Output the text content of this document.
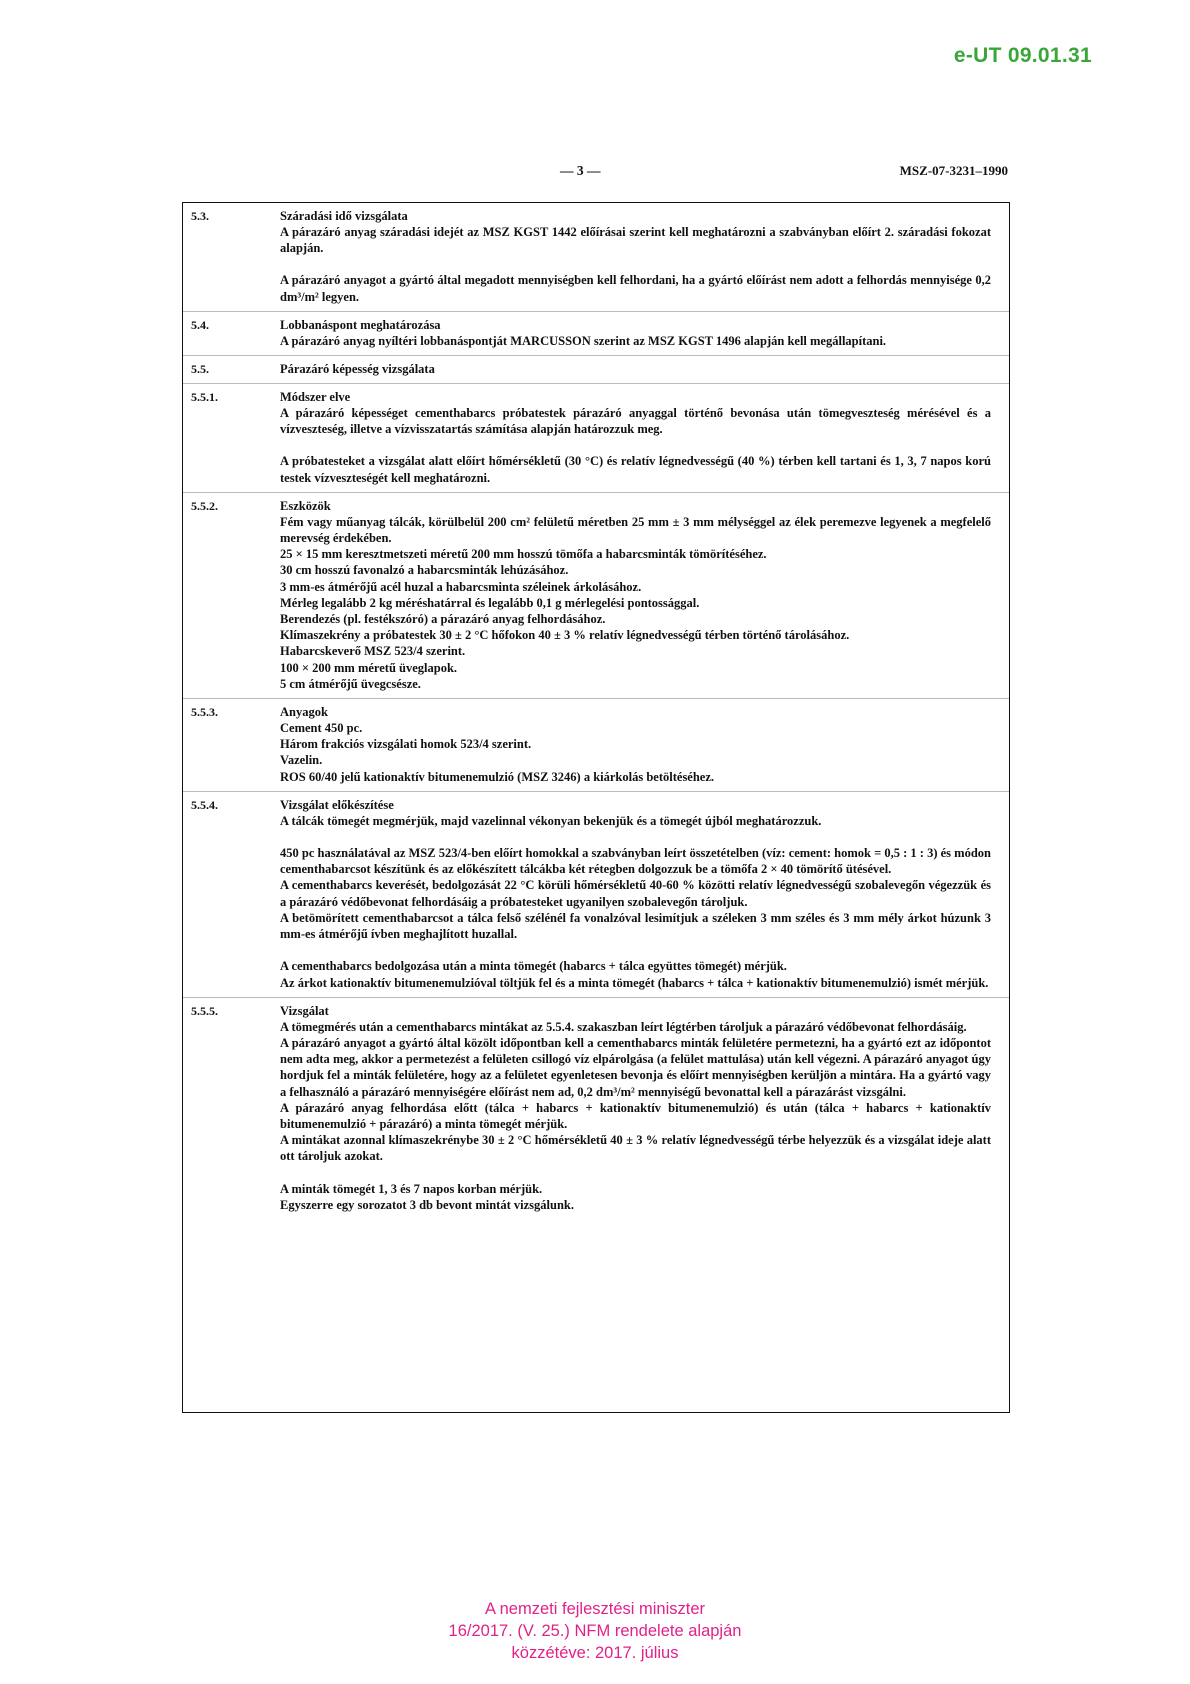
e-UT 09.01.31
— 3 —	MSZ-07-3231–1990
5.3.	Száradási idő vizsgálata

A párazáró anyag száradási idejét az MSZ KGST 1442 előírásai szerint kell meghatározni a szabványban előírt 2. száradási fokozat alapján.

A párazáró anyagot a gyártó által megadott mennyiségben kell felhordani, ha a gyártó előírást nem adott a felhordás mennyisége 0,2 dm³/m² legyen.

5.4.	Lobbanáspont meghatározása

A párazáró anyag nyíltéri lobbanáspontját MARCUSSON szerint az MSZ KGST 1496 alapján kell megállapítani.

5.5.	Párazáró képesség vizsgálata
5.5.1.	Módszer elve

A párazáró képességet cementhabarcs próbatestek párazáró anyaggal történő bevonása után tömegveszteség mérésével és a vízveszteség, illetve a vízvisszatartás számítása alapján határozzuk meg.

A próbatesteket a vizsgálat alatt előírt hőmérsékletű (30 °C) és relatív légnedvességű (40 %) térben kell tartani és 1, 3, 7 napos korú testek vízveszteségét kell meghatározni.

5.5.2.	Eszközök

Fém vagy műanyag tálcák, körülbelül 200 cm² felületű méretben 25 mm ± 3 mm mélységgel az élek peremezve legyenek a megfelelő merevség érdekében.

25 × 15 mm keresztmetszeti méretű 200 mm hosszú tömőfa a habarcsminták tömörítéséhez.
30 cm hosszú favonalzó a habarcsminták lehúzásához.
3 mm-es átmérőjű acél huzal a habarcsminta széleinek árkolásához.
Mérleg legalább 2 kg méréshatárral és legalább 0,1 g mérlegelési pontossággal.
Berendezés (pl. festékszóró) a párazáró anyag felhordásához.
Klímaszekrény a próbatestek 30 ± 2 °C hőfokon 40 ± 3 % relatív légnedvességű térben történő tárolásához.
Habarcskeverő MSZ 523/4 szerint.
100 × 200 mm méretű üveglapok.
5 cm átmérőjű üvegcsésze.
5.5.3.	Anyagok
Cement 450 pc.
Három frakciós vizsgálati homok 523/4 szerint.
Vazelin.
ROS 60/40 jelű kationaktív bitumenemulzió (MSZ 3246) a kiárkolás betöltéséhez.
5.5.4.	Vizsgálat előkészítése

A tálcák tömegét megmérjük, majd vazelinnal vékonyan bekenjük és a tömegét újból meghatározzuk.

450 pc használatával az MSZ 523/4-ben előírt homokkal a szabványban leírt összetételben (víz: cement: homok = 0,5 : 1 : 3) és módon cementhabarcsot készítünk és az előkészített tálcákba két rétegben dolgozzuk be a tömőfa 2 × 40 tömörítő ütésével.

A cementhabarcs keverését, bedolgozását 22 °C körüli hőmérsékletű 40-60 % közötti relatív légnedvességű szobalevegőn végezzük és a párazáró védőbevonat felhordásáig a próbatesteket ugyanilyen szobalevegőn tároljuk.

A betömörített cementhabarcsot a tálca felső szélénél fa vonalzóval lesimítjuk a széleken 3 mm széles és 3 mm mély árkot húzunk 3 mm-es átmérőjű ívben meghajlított huzallal.

A cementhabarcs bedolgozása után a minta tömegét (habarcs + tálca együttes tömegét) mérjük.

Az árkot kationaktív bitumenemulzióval töltjük fel és a minta tömegét (habarcs + tálca + kationaktív bitumenemulzió) ismét mérjük.

5.5.5.	Vizsgálat

A tömegmérés után a cementhabarcs mintákat az 5.5.4. szakaszban leírt légtérben tároljuk a párazáró védőbevonat felhordásáig.

A párazáró anyagot a gyártó által közölt időpontban kell a cementhabarcs minták felületére permetezni, ha a gyártó ezt az időpontot nem adta meg, akkor a permetezést a felületen csillogó víz elpárolgása (a felület mattulása) után kell végezni. A párazáró anyagot úgy hordjuk fel a minták felületére, hogy az a felületet egyenletesen bevonja és előírt mennyiségben kerüljön a mintára. Ha a gyártó vagy a felhasználó a párazáró mennyiségére előírást nem ad, 0,2 dm³/m² mennyiségű bevonattal kell a párazárást vizsgálni.

A párazáró anyag felhordása előtt (tálca + habarcs + kationaktív bitumenemulzió) és után (tálca + habarcs + kationaktív bitumenemulzió + párazáró) a minta tömegét mérjük.

A mintákat azonnal klímaszekrénybe 30 ± 2 °C hőmérsékletű 40 ± 3 % relatív légnedvességű térbe helyezzük és a vizsgálat ideje alatt ott tároljuk azokat.

A minták tömegét 1, 3 és 7 napos korban mérjük.

Egyszerre egy sorozatot 3 db bevont mintát vizsgálunk.

A nemzeti fejlesztési miniszter
16/2017. (V. 25.) NFM rendelete alapján
közzétéve: 2017. július
